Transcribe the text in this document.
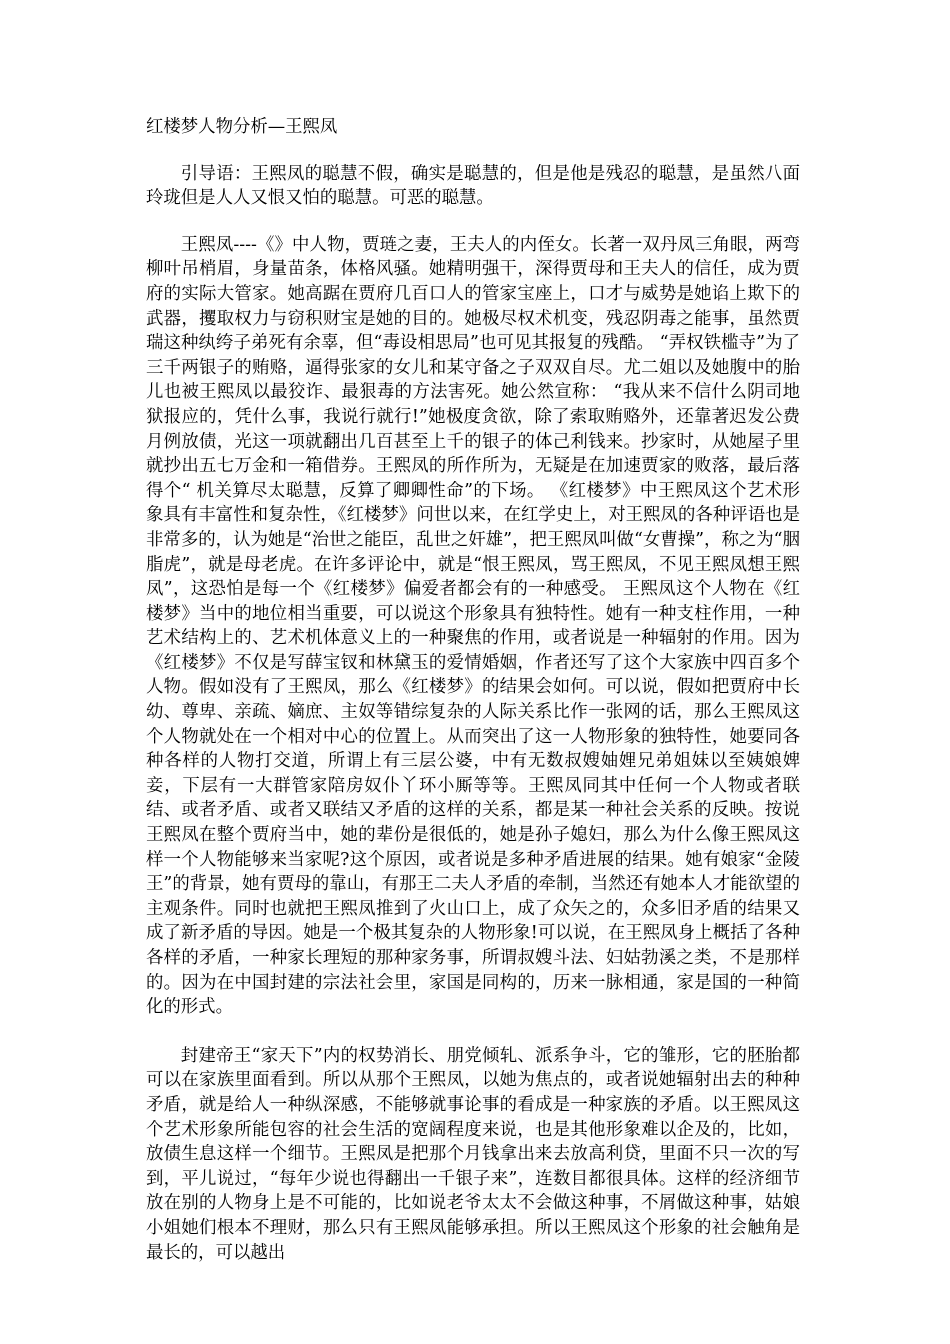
红楼梦人物分析—王熙凤

引导语：王熙凤的聪慧不假，确实是聪慧的，但是他是残忍的聪慧，是虽然八面玲珑但是人人又恨又怕的聪慧。可恶的聪慧。

王熙凤----《》中人物，贾琏之妻，王夫人的内侄女。长著一双丹凤三角眼，两弯柳叶吊梢眉，身量苗条，体格风骚。她精明强干，深得贾母和王夫人的信任，成为贾府的实际大管家。她高踞在贾府几百口人的管家宝座上，口才与威势是她谄上欺下的武器，攫取权力与窃积财宝是她的目的。她极尽权术机变，残忍阴毒之能事，虽然贾瑞这种纨绔子弟死有余辜，但“毒设相思局”也可见其报复的残酷。 “弄权铁槛寺”为了三千两银子的贿赂，逼得张家的女儿和某守备之子双双自尽。尤二姐以及她腹中的胎儿也被王熙凤以最狡诈、最狠毒的方法害死。她公然宣称： “我从来不信什么阴司地狱报应的，凭什么事，我说行就行!”她极度贪欲，除了索取贿赂外，还靠著迟发公费月例放债，光这一项就翻出几百甚至上千的银子的体己利钱来。抄家时，从她屋子里就抄出五七万金和一箱借券。王熙凤的所作所为，无疑是在加速贾家的败落，最后落得个“ 机关算尽太聪慧，反算了卿卿性命”的下场。 《红楼梦》中王熙凤这个艺术形象具有丰富性和复杂性，《红楼梦》问世以来，在红学史上，对王熙凤的各种评语也是非常多的，认为她是“治世之能臣，乱世之奸雄”，把王熙凤叫做“女曹操”，称之为“胭脂虎”，就是母老虎。在许多评论中，就是“恨王熙凤，骂王熙凤，不见王熙凤想王熙凤”，这恐怕是每一个《红楼梦》偏爱者都会有的一种感受。 王熙凤这个人物在《红楼梦》当中的地位相当重要，可以说这个形象具有独特性。她有一种支柱作用，一种艺术结构上的、艺术机体意义上的一种聚焦的作用，或者说是一种辐射的作用。因为《红楼梦》不仅是写薛宝钗和林黛玉的爱情婚姻，作者还写了这个大家族中四百多个人物。假如没有了王熙凤，那么《红楼梦》的结果会如何。可以说，假如把贾府中长幼、尊卑、亲疏、嫡庶、主奴等错综复杂的人际关系比作一张网的话，那么王熙凤这个人物就处在一个相对中心的位置上。从而突出了这一人物形象的独特性，她要同各种各样的人物打交道，所谓上有三层公婆，中有无数叔嫂妯娌兄弟姐妹以至姨娘婢妾，下层有一大群管家陪房奴仆丫环小厮等等。王熙凤同其中任何一个人物或者联结、或者矛盾、或者又联结又矛盾的这样的关系，都是某一种社会关系的反映。按说王熙凤在整个贾府当中，她的辈份是很低的，她是孙子媳妇，那么为什么像王熙凤这样一个人物能够来当家呢?这个原因，或者说是多种矛盾进展的结果。她有娘家“金陵王”的背景，她有贾母的靠山，有那王二夫人矛盾的牵制，当然还有她本人才能欲望的主观条件。同时也就把王熙凤推到了火山口上，成了众矢之的，众多旧矛盾的结果又成了新矛盾的导因。她是一个极其复杂的人物形象!可以说，在王熙凤身上概括了各种各样的矛盾，一种家长理短的那种家务事，所谓叔嫂斗法、妇姑勃溪之类，不是那样的。因为在中国封建的宗法社会里，家国是同构的，历来一脉相通，家是国的一种简化的形式。

封建帝王“家天下”内的权势消长、朋党倾轧、派系争斗，它的雏形，它的胚胎都可以在家族里面看到。所以从那个王熙凤，以她为焦点的，或者说她辐射出去的种种矛盾，就是给人一种纵深感，不能够就事论事的看成是一种家族的矛盾。以王熙凤这个艺术形象所能包容的社会生活的宽阔程度来说，也是其他形象难以企及的，比如，放债生息这样一个细节。王熙凤是把那个月钱拿出来去放高利贷，里面不只一次的写到，平儿说过，“每年少说也得翻出一千银子来”，连数目都很具体。这样的经济细节放在别的人物身上是不可能的，比如说老爷太太不会做这种事，不屑做这种事，姑娘小姐她们根本不理财，那么只有王熙凤能够承担。所以王熙凤这个形象的社会触角是最长的，可以越出
